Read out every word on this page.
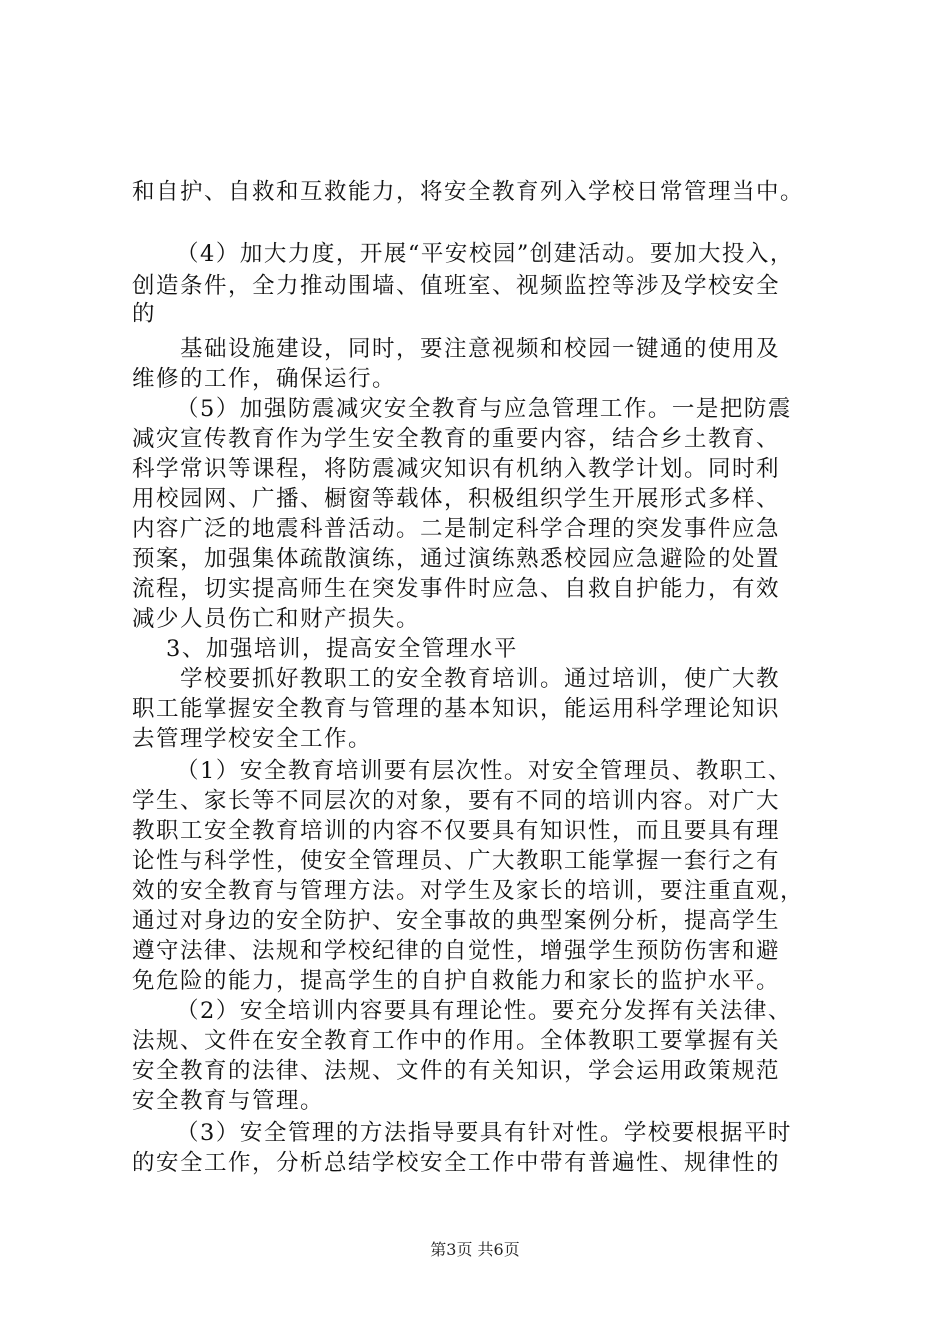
和自护、自救和互救能力，将安全教育列入学校日常管理当中。
（4）加大力度，开展“平安校园”创建活动。要加大投入，
创造条件，全力推动围墙、值班室、视频监控等涉及学校安全
的
基础设施建设，同时，要注意视频和校园一键通的使用及
维修的工作，确保运行。
（5）加强防震减灾安全教育与应急管理工作。一是把防震
减灾宣传教育作为学生安全教育的重要内容，结合乡土教育、
科学常识等课程，将防震减灾知识有机纳入教学计划。同时利
用校园网、广播、橱窗等载体，积极组织学生开展形式多样、
内容广泛的地震科普活动。二是制定科学合理的突发事件应急
预案，加强集体疏散演练，通过演练熟悉校园应急避险的处置
流程，切实提高师生在突发事件时应急、自救自护能力，有效
减少人员伤亡和财产损失。
3、加强培训，提高安全管理水平
学校要抓好教职工的安全教育培训。通过培训，使广大教
职工能掌握安全教育与管理的基本知识，能运用科学理论知识
去管理学校安全工作。
（1）安全教育培训要有层次性。对安全管理员、教职工、
学生、家长等不同层次的对象，要有不同的培训内容。对广大
教职工安全教育培训的内容不仅要具有知识性，而且要具有理
论性与科学性，使安全管理员、广大教职工能掌握一套行之有
效的安全教育与管理方法。对学生及家长的培训，要注重直观，
通过对身边的安全防护、安全事故的典型案例分析，提高学生
遵守法律、法规和学校纪律的自觉性，增强学生预防伤害和避
免危险的能力，提高学生的自护自救能力和家长的监护水平。
（2）安全培训内容要具有理论性。要充分发挥有关法律、
法规、文件在安全教育工作中的作用。全体教职工要掌握有关
安全教育的法律、法规、文件的有关知识，学会运用政策规范
安全教育与管理。
（3）安全管理的方法指导要具有针对性。学校要根据平时
的安全工作，分析总结学校安全工作中带有普遍性、规律性的
第3页 共6页
